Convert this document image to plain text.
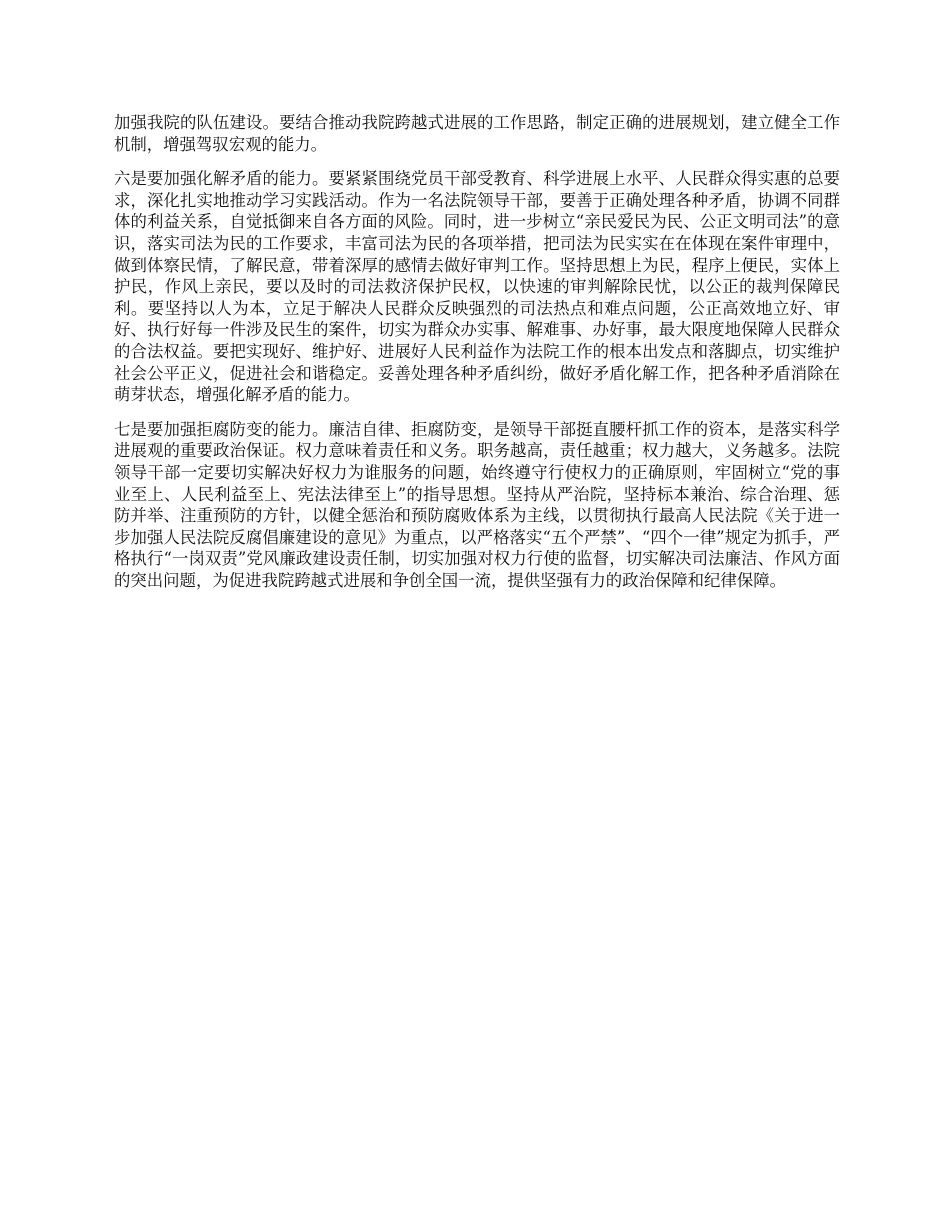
加强我院的队伍建设。要结合推动我院跨越式进展的工作思路，制定正确的进展规划，建立健全工作机制，增强驾驭宏观的能力。

六是要加强化解矛盾的能力。要紧紧围绕党员干部受教育、科学进展上水平、人民群众得实惠的总要求，深化扎实地推动学习实践活动。作为一名法院领导干部，要善于正确处理各种矛盾，协调不同群体的利益关系，自觉抵御来自各方面的风险。同时，进一步树立“亲民爱民为民、公正文明司法”的意识，落实司法为民的工作要求，丰富司法为民的各项举措，把司法为民实实在在体现在案件审理中，做到体察民情，了解民意，带着深厚的感情去做好审判工作。坚持思想上为民，程序上便民，实体上护民，作风上亲民，要以及时的司法救济保护民权，以快速的审判解除民忧，以公正的裁判保障民利。要坚持以人为本，立足于解决人民群众反映强烈的司法热点和难点问题，公正高效地立好、审好、执行好每一件涉及民生的案件，切实为群众办实事、解难事、办好事，最大限度地保障人民群众的合法权益。要把实现好、维护好、进展好人民利益作为法院工作的根本出发点和落脚点，切实维护社会公平正义，促进社会和谐稳定。妥善处理各种矛盾纠纷，做好矛盾化解工作，把各种矛盾消除在萌芽状态，增强化解矛盾的能力。

七是要加强拒腐防变的能力。廉洁自律、拒腐防变，是领导干部挺直腰杆抓工作的资本，是落实科学进展观的重要政治保证。权力意味着责任和义务。职务越高，责任越重；权力越大，义务越多。法院领导干部一定要切实解决好权力为谁服务的问题，始终遵守行使权力的正确原则，牢固树立“党的事业至上、人民利益至上、宪法法律至上”的指导思想。坚持从严治院，坚持标本兼治、综合治理、惩防并举、注重预防的方针，以健全惩治和预防腐败体系为主线，以贯彻执行最高人民法院《关于进一步加强人民法院反腐倡廉建设的意见》为重点，以严格落实“五个严禁”、“四个一律”规定为抓手，严格执行“一岗双责”党风廉政建设责任制，切实加强对权力行使的监督，切实解决司法廉洁、作风方面的突出问题，为促进我院跨越式进展和争创全国一流，提供坚强有力的政治保障和纪律保障。
